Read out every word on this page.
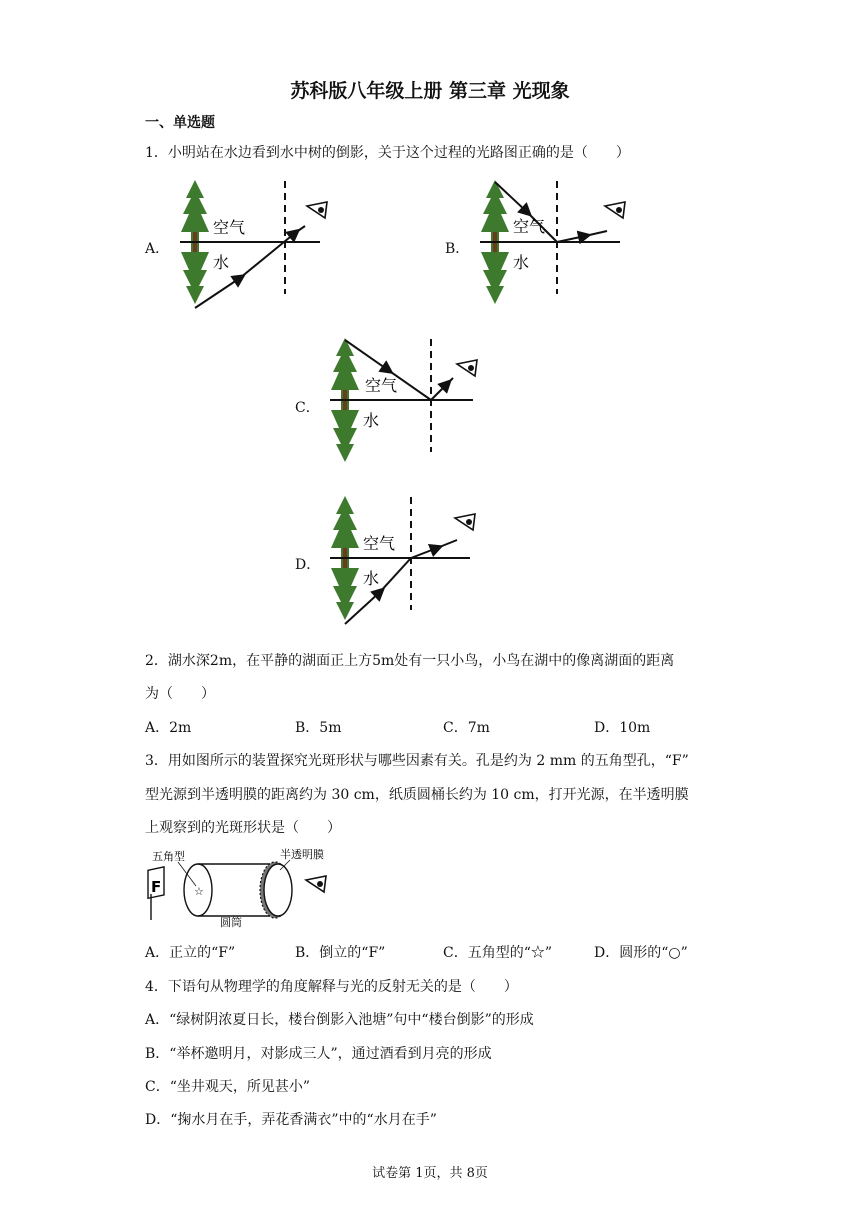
苏科版八年级上册 第三章 光现象
一、单选题
1．小明站在水边看到水中树的倒影，关于这个过程的光路图正确的是（　　）
A．
空气
水
B．
空气
水
C．
空气
水
D．
空气
水
2．湖水深2m，在平静的湖面正上方5m处有一只小鸟，小鸟在湖中的像离湖面的距离
为（　　）
A．2m	B．5m	C．7m	D．10m
3．用如图所示的装置探究光斑形状与哪些因素有关。孔是约为 2 mm 的五角型孔，“F”
型光源到半透明膜的距离约为 30 cm，纸质圆桶长约为 10 cm，打开光源，在半透明膜
上观察到的光斑形状是（　　）
F	☆
五角型	半透明膜
圆筒
A．正立的“F”	B．倒立的“F”	C．五角型的“☆”	D．圆形的“○”
4．下语句从物理学的角度解释与光的反射无关的是（　　）
A．“绿树阴浓夏日长，楼台倒影入池塘”句中“楼台倒影”的形成
B．“举杯邀明月，对影成三人”，通过酒看到月亮的形成
C．“坐井观天，所见甚小”
D．“掬水月在手，弄花香满衣”中的“水月在手”
试卷第 1页，共 8页
